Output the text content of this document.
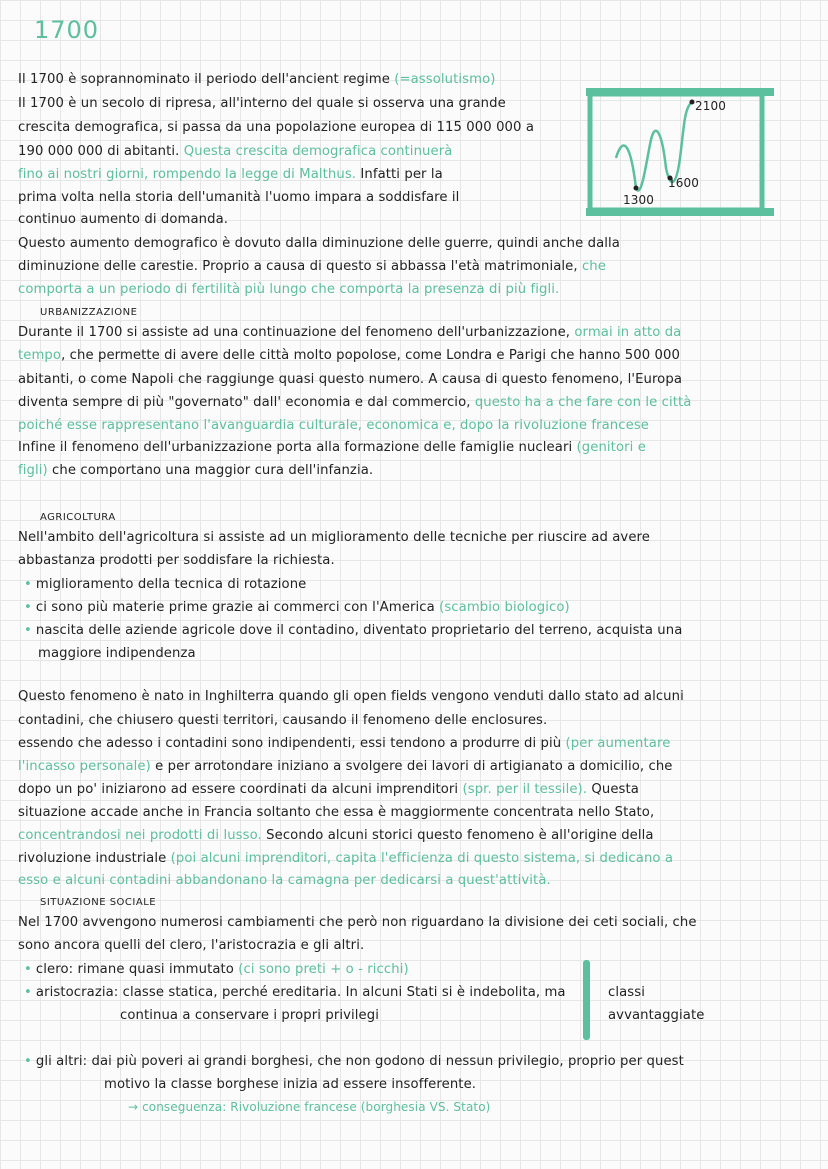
1700
2100
1600
1300
Il 1700 è soprannominato il periodo dell'ancient regime (=assolutismo)
Il 1700 è un secolo di ripresa, all'interno del quale si osserva una grande
crescita demografica, si passa da una popolazione europea di 115 000 000 a
190 000 000 di abitanti. Questa crescita demografica continuerà
fino ai nostri giorni, rompendo la legge di Malthus. Infatti per la
prima volta nella storia dell'umanità l'uomo impara a soddisfare il
continuo aumento di domanda.
Questo aumento demografico è dovuto dalla diminuzione delle guerre, quindi anche dalla
diminuzione delle carestie. Proprio a causa di questo si abbassa l'età matrimoniale, che
comporta a un periodo di fertilità più lungo che comporta la presenza di più figli.
URBANIZZAZIONE
Durante il 1700 si assiste ad una continuazione del fenomeno dell'urbanizzazione, ormai in atto da
tempo, che permette di avere delle città molto popolose, come Londra e Parigi che hanno 500 000
abitanti, o come Napoli che raggiunge quasi questo numero. A causa di questo fenomeno, l'Europa
diventa sempre di più "governato" dall' economia e dal commercio, questo ha a che fare con le città
poiché esse rappresentano l'avanguardia culturale, economica e, dopo la rivoluzione francese
Infine il fenomeno dell'urbanizzazione porta alla formazione delle famiglie nucleari (genitori e
figli) che comportano una maggior cura dell'infanzia.
AGRICOLTURA
Nell'ambito dell'agricoltura si assiste ad un miglioramento delle tecniche per riuscire ad avere
abbastanza prodotti per soddisfare la richiesta.
• miglioramento della tecnica di rotazione
• ci sono più materie prime grazie ai commerci con l'America (scambio biologico)
• nascita delle aziende agricole dove il contadino, diventato proprietario del terreno, acquista una
maggiore indipendenza
Questo fenomeno è nato in Inghilterra quando gli open fields vengono venduti dallo stato ad alcuni
contadini, che chiusero questi territori, causando il fenomeno delle enclosures.
essendo che adesso i contadini sono indipendenti, essi tendono a produrre di più (per aumentare
l'incasso personale) e per arrotondare iniziano a svolgere dei lavori di artigianato a domicilio, che
dopo un po' iniziarono ad essere coordinati da alcuni imprenditori (spr. per il tessile). Questa
situazione accade anche in Francia soltanto che essa è maggiormente concentrata nello Stato,
concentrandosi nei prodotti di lusso. Secondo alcuni storici questo fenomeno è all'origine della
rivoluzione industriale (poi alcuni imprenditori, capita l'efficienza di questo sistema, si dedicano a
esso e alcuni contadini abbandonano la camagna per dedicarsi a quest'attività.
SITUAZIONE SOCIALE
Nel 1700 avvengono numerosi cambiamenti che però non riguardano la divisione dei ceti sociali, che
sono ancora quelli del clero, l'aristocrazia e gli altri.
• clero: rimane quasi immutato (ci sono preti + o - ricchi)
• aristocrazia: classe statica, perché ereditaria. In alcuni Stati si è indebolita, ma
continua a conservare i propri privilegi
classi
avvantaggiate
• gli altri: dai più poveri ai grandi borghesi, che non godono di nessun privilegio, proprio per quest
motivo la classe borghese inizia ad essere insofferente.
→ conseguenza: Rivoluzione francese (borghesia VS. Stato)
